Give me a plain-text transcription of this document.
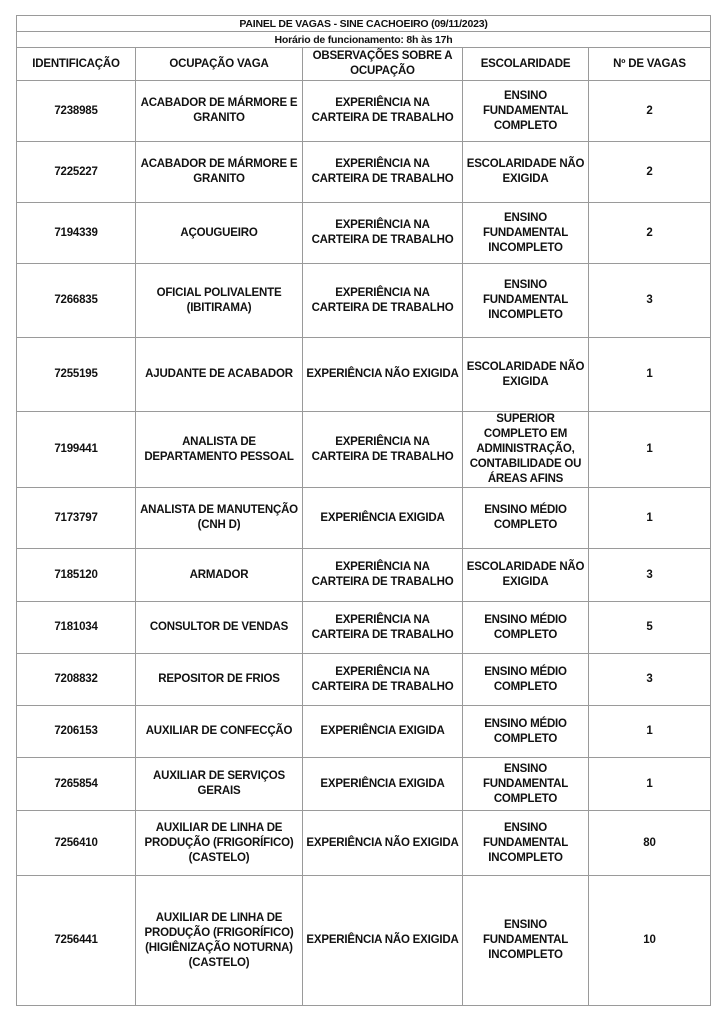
PAINEL DE VAGAS - SINE CACHOEIRO (09/11/2023)				
Horário de funcionamento: 8h às 17h				
IDENTIFICAÇÃO	OCUPAÇÃO VAGA	OBSERVAÇÕES SOBRE A OCUPAÇÃO	ESCOLARIDADE	Nº DE VAGAS
7238985	ACABADOR DE MÁRMORE E GRANITO	EXPERIÊNCIA NA CARTEIRA DE TRABALHO	ENSINO FUNDAMENTAL COMPLETO	2
7225227	ACABADOR DE MÁRMORE E GRANITO	EXPERIÊNCIA NA CARTEIRA DE TRABALHO	ESCOLARIDADE NÃO EXIGIDA	2
7194339	AÇOUGUEIRO	EXPERIÊNCIA NA CARTEIRA DE TRABALHO	ENSINO FUNDAMENTAL INCOMPLETO	2
7266835	OFICIAL POLIVALENTE (IBITIRAMA)	EXPERIÊNCIA NA CARTEIRA DE TRABALHO	ENSINO FUNDAMENTAL INCOMPLETO	3
7255195	AJUDANTE DE ACABADOR	EXPERIÊNCIA NÃO EXIGIDA	ESCOLARIDADE NÃO EXIGIDA	1
7199441	ANALISTA DE DEPARTAMENTO PESSOAL	EXPERIÊNCIA NA CARTEIRA DE TRABALHO	SUPERIOR COMPLETO EM ADMINISTRAÇÃO, CONTABILIDADE OU ÁREAS AFINS	1
7173797	ANALISTA DE MANUTENÇÃO (CNH D)	EXPERIÊNCIA EXIGIDA	ENSINO MÉDIO COMPLETO	1
7185120	ARMADOR	EXPERIÊNCIA NA CARTEIRA DE TRABALHO	ESCOLARIDADE NÃO EXIGIDA	3
7181034	CONSULTOR DE VENDAS	EXPERIÊNCIA NA CARTEIRA DE TRABALHO	ENSINO MÉDIO COMPLETO	5
7208832	REPOSITOR DE FRIOS	EXPERIÊNCIA NA CARTEIRA DE TRABALHO	ENSINO MÉDIO COMPLETO	3
7206153	AUXILIAR DE CONFECÇÃO	EXPERIÊNCIA EXIGIDA	ENSINO MÉDIO COMPLETO	1
7265854	AUXILIAR DE SERVIÇOS GERAIS	EXPERIÊNCIA EXIGIDA	ENSINO FUNDAMENTAL COMPLETO	1
7256410	AUXILIAR DE LINHA DE PRODUÇÃO (FRIGORÍFICO) (CASTELO)	EXPERIÊNCIA NÃO EXIGIDA	ENSINO FUNDAMENTAL INCOMPLETO	80
7256441	AUXILIAR DE LINHA DE PRODUÇÃO (FRIGORÍFICO) (HIGIÊNIZAÇÃO NOTURNA) (CASTELO)	EXPERIÊNCIA NÃO EXIGIDA	ENSINO FUNDAMENTAL INCOMPLETO	10
